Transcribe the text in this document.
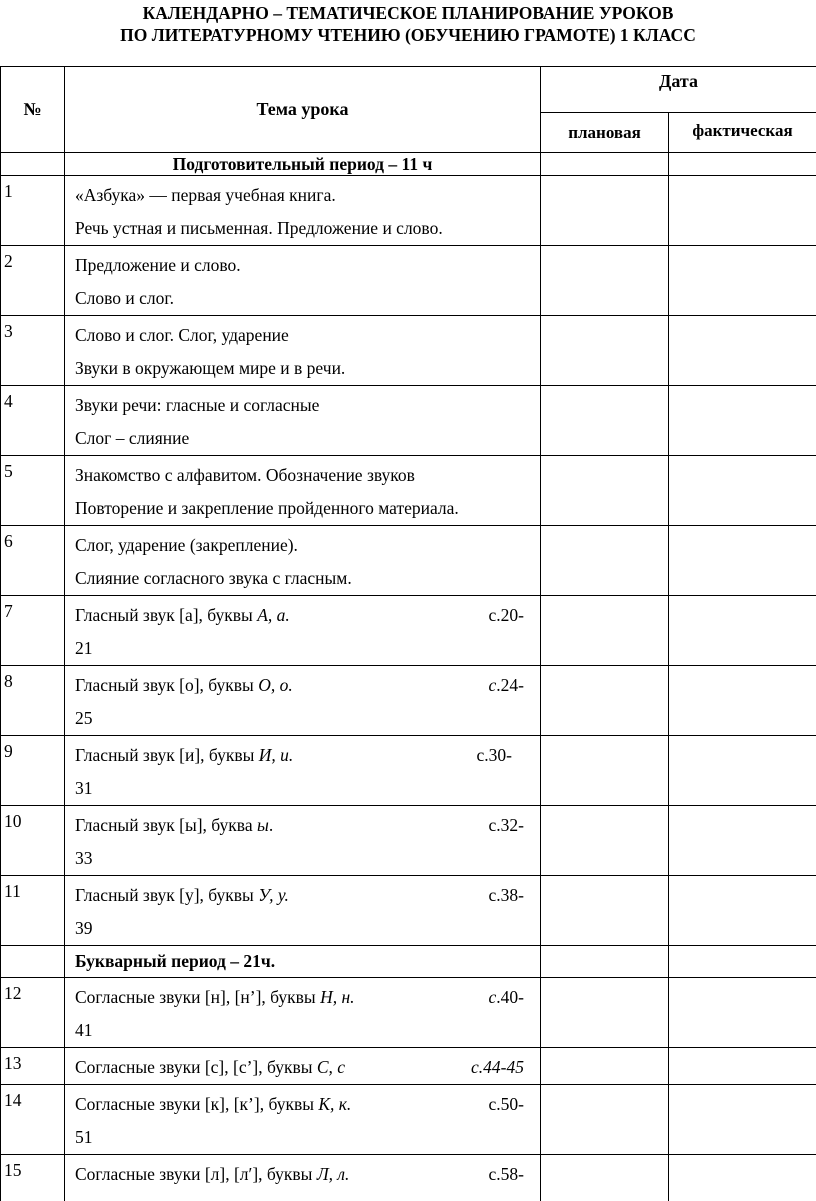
КАЛЕНДАРНО – ТЕМАТИЧЕСКОЕ ПЛАНИРОВАНИЕ УРОКОВ
ПО ЛИТЕРАТУРНОМУ ЧТЕНИЮ (ОБУЧЕНИЮ ГРАМОТЕ) 1 КЛАСС
№	Тема урока	Дата	
		плановая	фактическая
	Подготовительный период – 11 ч		
1	«Азбука» — первая учебная книга.
Речь устная и письменная. Предложение и слово.		

2	Предложение и слово.
Слово и слог.		

3	Слово и слог. Слог, ударение
Звуки в окружающем мире и в речи.		

4	Звуки речи: гласные и согласные
Слог – слияние		

5	Знакомство с алфавитом. Обозначение звуков
Повторение и закрепление пройденного материала.		

6	Слог, ударение (закрепление).
Слияние согласного звука с гласным.		

7	Гласный звук [а], буквы А, а. с.20-
21		

8	Гласный звук [о], буквы О, о. с.24-
25		

9	Гласный звук [и], буквы И, и. с.30-
31		

10	Гласный звук [ы], буква ы. с.32-
33		

11	Гласный звук [у], буквы У, у. с.38-
39		

	Букварный период – 21ч.		
12	Согласные звуки [н], [н’], буквы Н, н. с.40-
41		

13	Согласные звуки [с], [с’], буквы С, с с.44-45		

14	Согласные звуки [к], [к’], буквы К, к. с.50-
51		

15	Согласные звуки [л], [л′], буквы Л, л. с.58-		
